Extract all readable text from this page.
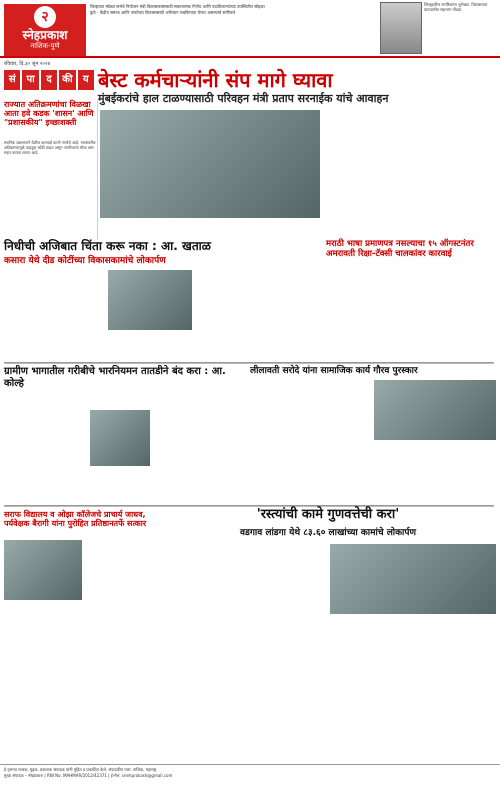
२
स्नेहप्रकाश
नाशिक-पुणे

जिल्हयात मोठ्या सभेचे नियोजन मंत्री विकासकामासाठी सकारात्मक निर्णय आणि पदाधिकाऱ्यांच्या उपस्थितीत सोहळा

कुठे - केंद्रीय समाज आणि जनतेच्या विकासासाठी अभियान राबविण्यात येणार असल्याचे सांगितले

जिल्ह्यातील नागरिकांना शुभेच्छा. विकासाच्या वाटचालीत सहभाग नोंदवा.
रविवार, दि.३० जून २०२४
सं	पा	द	की	य बेस्ट कर्मचाऱ्यांनी संप मागे घ्यावा
मुंबईकरांचे हाल टाळण्यासाठी परिवहन मंत्री प्रताप सरनाईक यांचे आवाहन
राज्यात अतिक्रमणांचा विळखा आता हवे कडक 'शासन' आणि "प्रशासकीय" इच्छाशक्ती
स्थानिक प्रशासनाने वेळीच कारवाई करणे गरजेचे आहे. रस्त्यांवरील अतिक्रमणामुळे वाहतूक कोंडी वाढत असून नागरिकांना मोठा त्रास सहन करावा लागत आहे.
निधीची अजिबात चिंता करू नका : आ. खताळ
कसारा येथे दीड कोटींच्या विकासकामांचे लोकार्पण
मराठी भाषा प्रमाणपत्र नसल्याचा १५ ऑगस्टनंतर अमरावती रिक्षा-टॅक्सी चालकांवर कारवाई
ग्रामीण भागातील गरीबीचे भारनियमन तातडीने बंद करा : आ. कोल्हे
लीलावती सरोदे यांना सामाजिक कार्य गौरव पुरस्कार
सराफ विद्यालय व ओझा कॉलेजचे प्राचार्य जाधव, पर्यवेक्षक बैरागी यांना पुरोहित प्रतिष्ठानतर्फे सत्कार
'रस्त्यांची कामे गुणवत्तेची करा'
वडगाव लांडगा येथे ८३.६० लाखांच्या कामांचे लोकार्पण

हे वृत्तपत्र मालक, मुद्रक, प्रकाशक संपादक यांनी मुद्रित व प्रकाशित केले. संपादकीय पत्ता: नाशिक, महाराष्ट्र.

मुख्य संपादक – स्नेहप्रकाश | RNI No. MAHMAR/2012/42371 | ई-मेल: snehprakash@gmail.com
